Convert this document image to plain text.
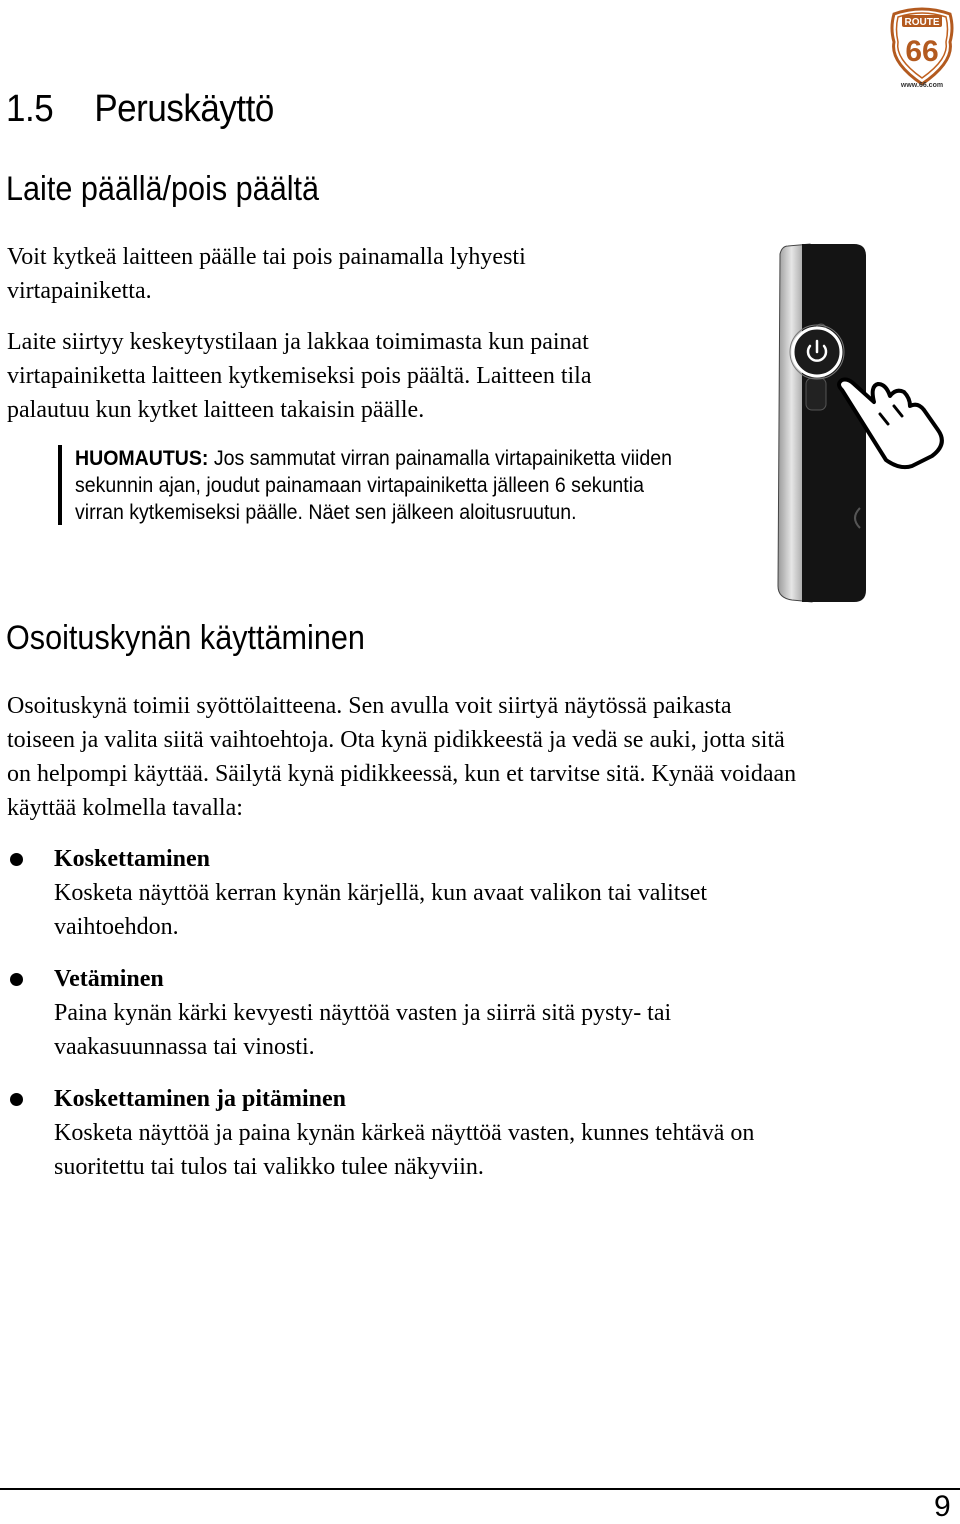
ROUTE
66
www.66.com
1.5 Peruskäyttö
Laite päällä/pois päältä
Voit kytkeä laitteen päälle tai pois painamalla lyhyesti
virtapainiketta.
Laite siirtyy keskeytystilaan ja lakkaa toimimasta kun painat
virtapainiketta laitteen kytkemiseksi pois päältä. Laitteen tila
palautuu kun kytket laitteen takaisin päälle.
HUOMAUTUS: Jos sammutat virran painamalla virtapainiketta viiden
sekunnin ajan, joudut painamaan virtapainiketta jälleen 6 sekuntia
virran kytkemiseksi päälle. Näet sen jälkeen aloitusruutun.
Osoituskynän käyttäminen
Osoituskynä toimii syöttölaitteena. Sen avulla voit siirtyä näytössä paikasta
toiseen ja valita siitä vaihtoehtoja. Ota kynä pidikkeestä ja vedä se auki, jotta sitä
on helpompi käyttää. Säilytä kynä pidikkeessä, kun et tarvitse sitä. Kynää voidaan
käyttää kolmella tavalla:
Koskettaminen
Kosketa näyttöä kerran kynän kärjellä, kun avaat valikon tai valitset
vaihtoehdon.
Vetäminen
Paina kynän kärki kevyesti näyttöä vasten ja siirrä sitä pysty- tai
vaakasuunnassa tai vinosti.
Koskettaminen ja pitäminen
Kosketa näyttöä ja paina kynän kärkeä näyttöä vasten, kunnes tehtävä on
suoritettu tai tulos tai valikko tulee näkyviin.
9
